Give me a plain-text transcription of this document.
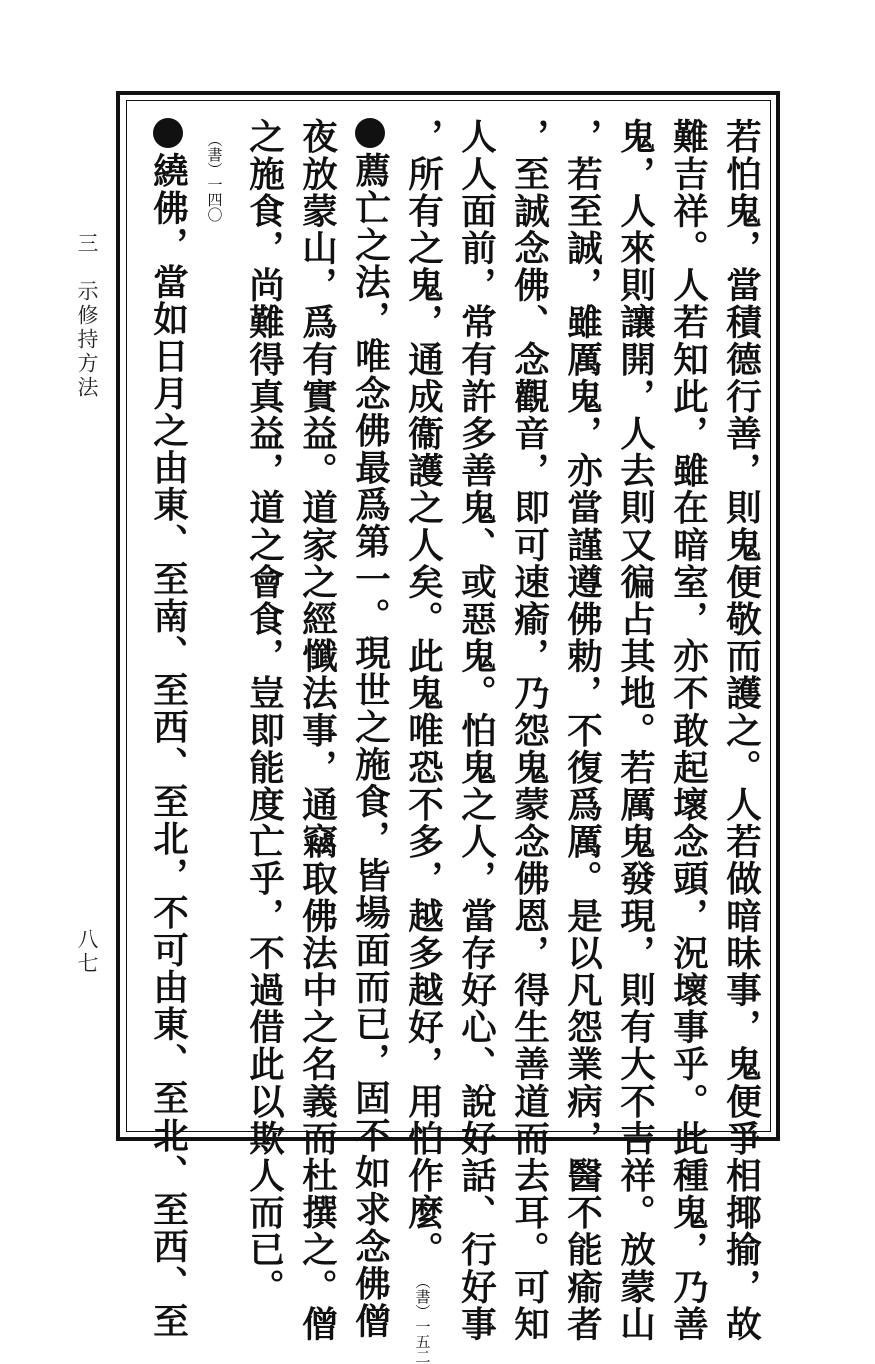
三　示修持方法
八七	若怕鬼，當積德行善，則鬼便敬而護之。人若做暗昧事，鬼便爭相揶揄，故
難吉祥。人若知此，雖在暗室，亦不敢起壞念頭，況壞事乎。此種鬼，乃善
鬼，人來則讓開，人去則又徧占其地。若厲鬼發現，則有大不吉祥。放蒙山
，若至誠，雖厲鬼，亦當謹遵佛勅，不復爲厲。是以凡怨業病，醫不能瘉者
，至誠念佛、念觀音，即可速瘉，乃怨鬼蒙念佛恩，得生善道而去耳。可知
人人面前，常有許多善鬼、或惡鬼。怕鬼之人，當存好心、說好話、行好事
，所有之鬼，通成衞護之人矣。此鬼唯恐不多，越多越好，用怕作麼。（書）一五二
薦亡之法，唯念佛最爲第一。現世之施食，皆場面而已，固不如求念佛僧
夜放蒙山，爲有實益。道家之經懺法事，通竊取佛法中之名義而杜撰之。僧
之施食，尚難得真益，道之會食，豈即能度亡乎，不過借此以欺人而已。
（書）一四〇
繞佛，當如日月之由東、至南、至西、至北，不可由東、至北、至西、至
